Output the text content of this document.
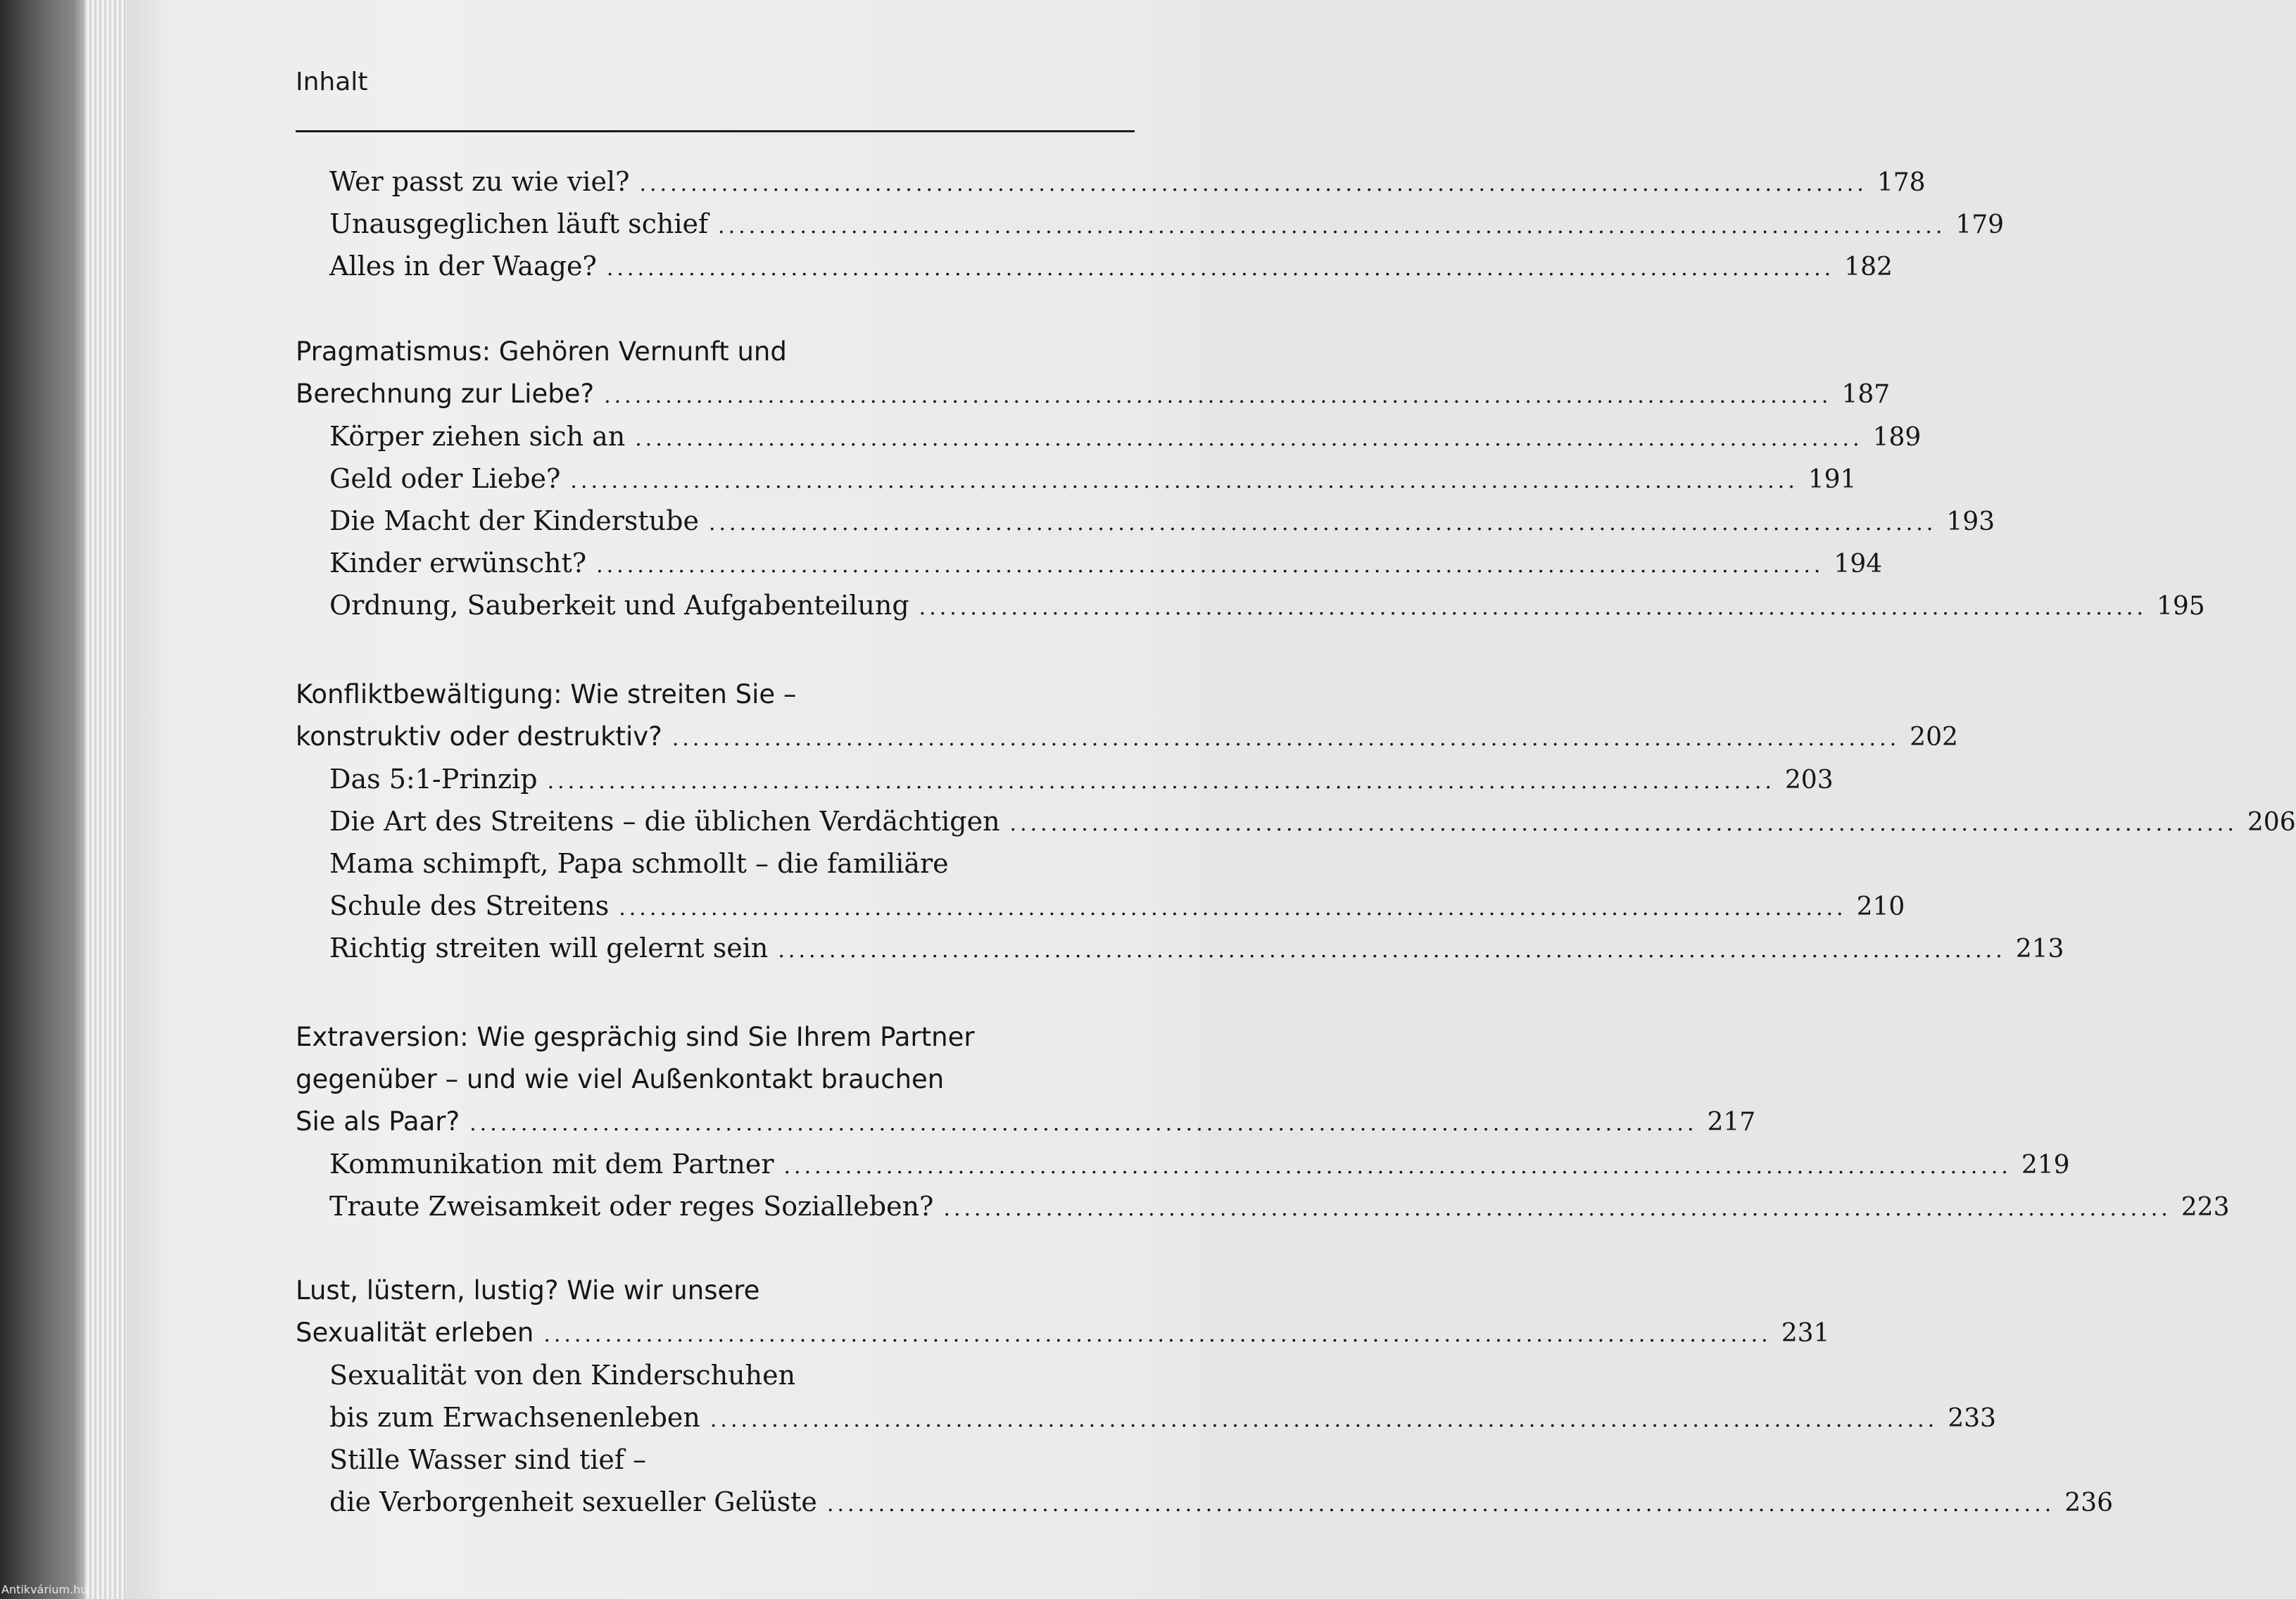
Antikvárium.hu
Inhalt
Wer passt zu wie viel? ........................................................................................................................ 178
Unausgeglichen läuft schief ........................................................................................................................ 179
Alles in der Waage? ........................................................................................................................ 182
Pragmatismus: Gehören Vernunft und
Berechnung zur Liebe? ........................................................................................................................ 187
Körper ziehen sich an ........................................................................................................................ 189
Geld oder Liebe? ........................................................................................................................ 191
Die Macht der Kinderstube ........................................................................................................................ 193
Kinder erwünscht? ........................................................................................................................ 194
Ordnung, Sauberkeit und Aufgabenteilung ........................................................................................................................ 195
Konfliktbewältigung: Wie streiten Sie –
konstruktiv oder destruktiv? ........................................................................................................................ 202
Das 5:1-Prinzip ........................................................................................................................ 203
Die Art des Streitens – die üblichen Verdächtigen ........................................................................................................................ 206
Mama schimpft, Papa schmollt – die familiäre
Schule des Streitens ........................................................................................................................ 210
Richtig streiten will gelernt sein ........................................................................................................................ 213
Extraversion: Wie gesprächig sind Sie Ihrem Partner
gegenüber – und wie viel Außenkontakt brauchen
Sie als Paar? ........................................................................................................................ 217
Kommunikation mit dem Partner ........................................................................................................................ 219
Traute Zweisamkeit oder reges Sozialleben? ........................................................................................................................ 223
Lust, lüstern, lustig? Wie wir unsere
Sexualität erleben ........................................................................................................................ 231
Sexualität von den Kinderschuhen
bis zum Erwachsenenleben ........................................................................................................................ 233
Stille Wasser sind tief –
die Verborgenheit sexueller Gelüste ........................................................................................................................ 236
